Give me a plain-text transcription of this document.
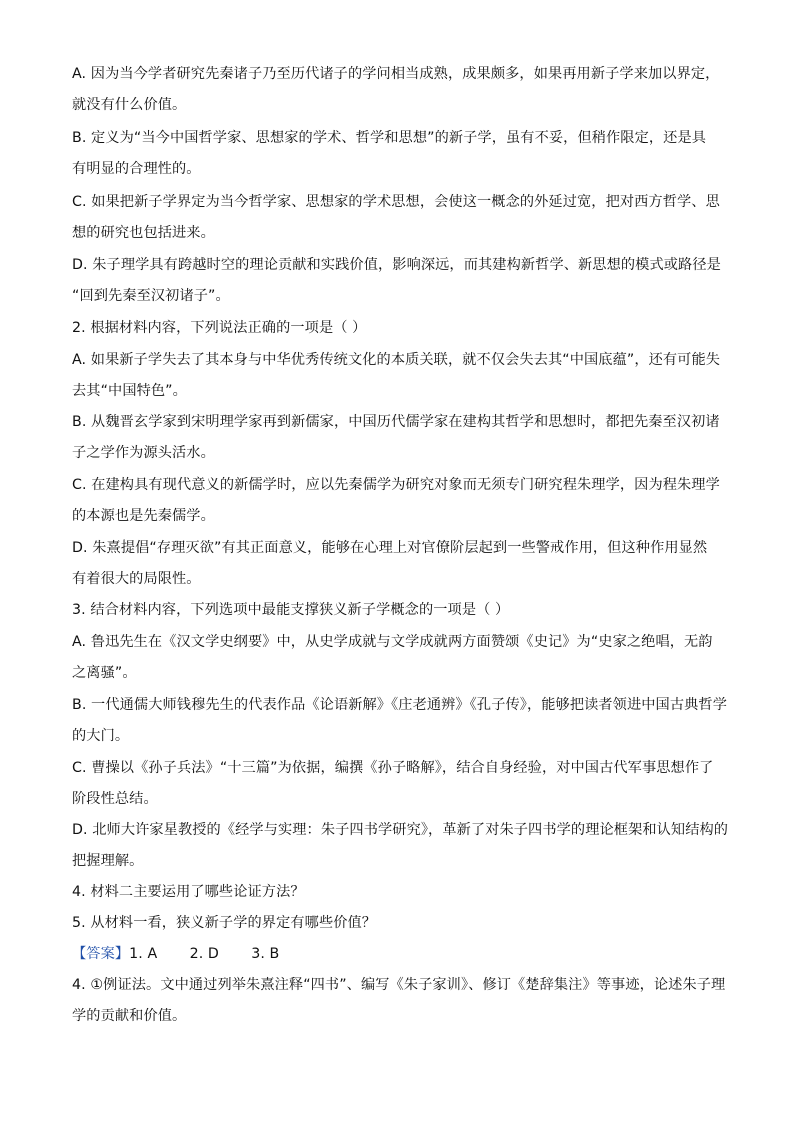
A. 因为当今学者研究先秦诸子乃至历代诸子的学问相当成熟，成果颇多，如果再用新子学来加以界定，
就没有什么价值。
B. 定义为“当今中国哲学家、思想家的学术、哲学和思想”的新子学，虽有不妥，但稍作限定，还是具
有明显的合理性的。
C. 如果把新子学界定为当今哲学家、思想家的学术思想，会使这一概念的外延过宽，把对西方哲学、思
想的研究也包括进来。
D. 朱子理学具有跨越时空的理论贡献和实践价值，影响深远，而其建构新哲学、新思想的模式或路径是
“回到先秦至汉初诸子”。
2. 根据材料内容，下列说法正确的一项是（ ）
A. 如果新子学失去了其本身与中华优秀传统文化的本质关联，就不仅会失去其“中国底蕴”，还有可能失
去其“中国特色”。
B. 从魏晋玄学家到宋明理学家再到新儒家，中国历代儒学家在建构其哲学和思想时，都把先秦至汉初诸
子之学作为源头活水。
C. 在建构具有现代意义的新儒学时，应以先秦儒学为研究对象而无须专门研究程朱理学，因为程朱理学
的本源也是先秦儒学。
D. 朱熹提倡“存理灭欲”有其正面意义，能够在心理上对官僚阶层起到一些警戒作用，但这种作用显然
有着很大的局限性。
3. 结合材料内容，下列选项中最能支撑狭义新子学概念的一项是（ ）
A. 鲁迅先生在《汉文学史纲要》中，从史学成就与文学成就两方面赞颂《史记》为“史家之绝唱，无韵
之离骚”。
B. 一代通儒大师钱穆先生的代表作品《论语新解》《庄老通辨》《孔子传》，能够把读者领进中国古典哲学
的大门。
C. 曹操以《孙子兵法》“十三篇”为依据，编撰《孙子略解》，结合自身经验，对中国古代军事思想作了
阶段性总结。
D. 北师大许家星教授的《经学与实理：朱子四书学研究》，革新了对朱子四书学的理论框架和认知结构的
把握理解。
4. 材料二主要运用了哪些论证方法？
5. 从材料一看，狭义新子学的界定有哪些价值？
【答案】1. A       2. D       3. B
4. ①例证法。文中通过列举朱熹注释“四书”、编写《朱子家训》、修订《楚辞集注》等事迹，论述朱子理
学的贡献和价值。
